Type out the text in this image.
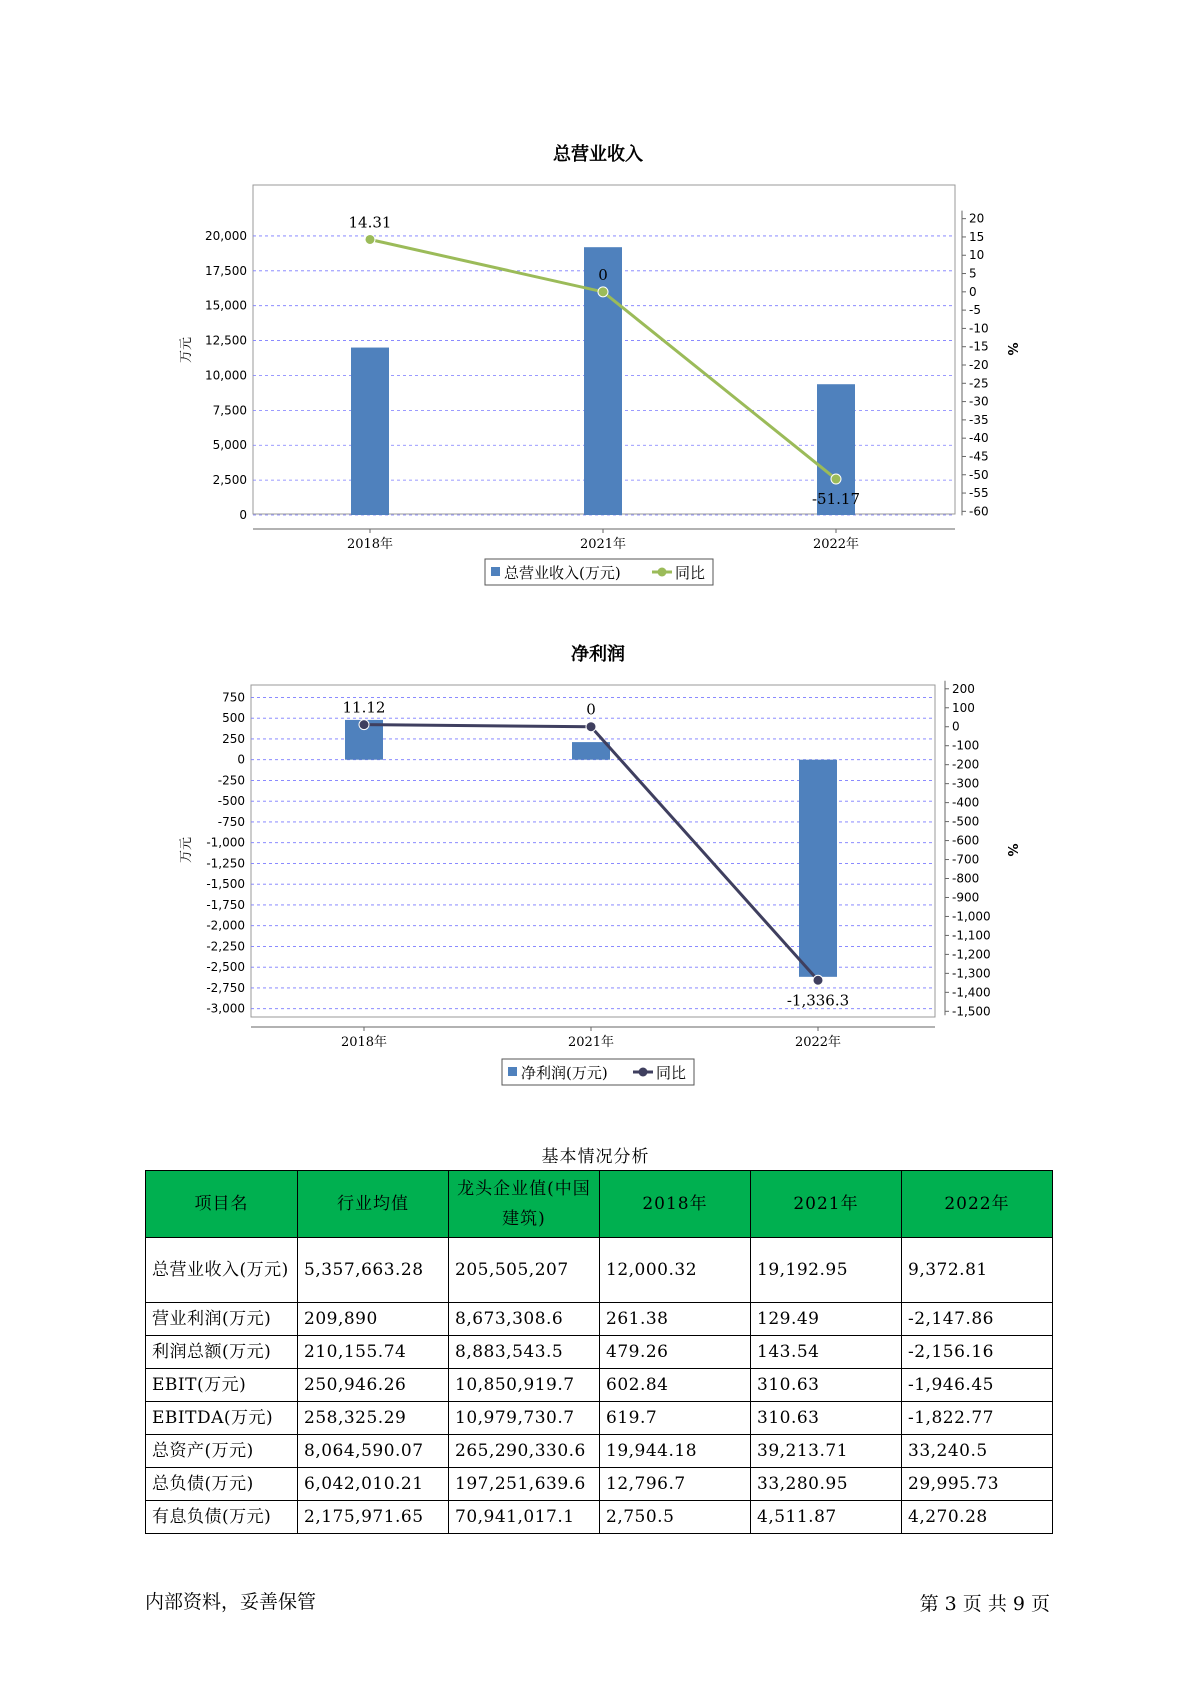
总营业收入
14.31
0
-51.17
0
2,500
5,000
7,500
10,000
12,500
15,000
17,500
20,000
20
15
10
5
0
-5
-10
-15
-20
-25
-30
-35
-40
-45
-50
-55
-60
2018年	2021年	2022年
万元	%
总营业收入(万元)	同比
净利润
11.12	0
-1,336.3
750
500
250
0
-250
-500
-750
-1,000
-1,250
-1,500
-1,750
-2,000
-2,250
-2,500
-2,750
-3,000
200
100
0
-100
-200
-300
-400
-500
-600
-700
-800
-900
-1,000
-1,100
-1,200
-1,300
-1,400
-1,500
2018年	2021年	2022年
万元	%
净利润(万元)	同比
基本情况分析
项目名	行业均值	龙头企业值(中国建筑)	2018年	2021年	2022年
总营业收入(万元)	5,357,663.28	205,505,207	12,000.32	19,192.95	9,372.81
营业利润(万元)	209,890	8,673,308.6	261.38	129.49	-2,147.86
利润总额(万元)	210,155.74	8,883,543.5	479.26	143.54	-2,156.16
EBIT(万元)	250,946.26	10,850,919.7	602.84	310.63	-1,946.45
EBITDA(万元)	258,325.29	10,979,730.7	619.7	310.63	-1,822.77
总资产(万元)	8,064,590.07	265,290,330.6	19,944.18	39,213.71	33,240.5
总负债(万元)	6,042,010.21	197,251,639.6	12,796.7	33,280.95	29,995.73
有息负债(万元)	2,175,971.65	70,941,017.1	2,750.5	4,511.87	4,270.28
内部资料，妥善保管	第 3 页 共 9 页
